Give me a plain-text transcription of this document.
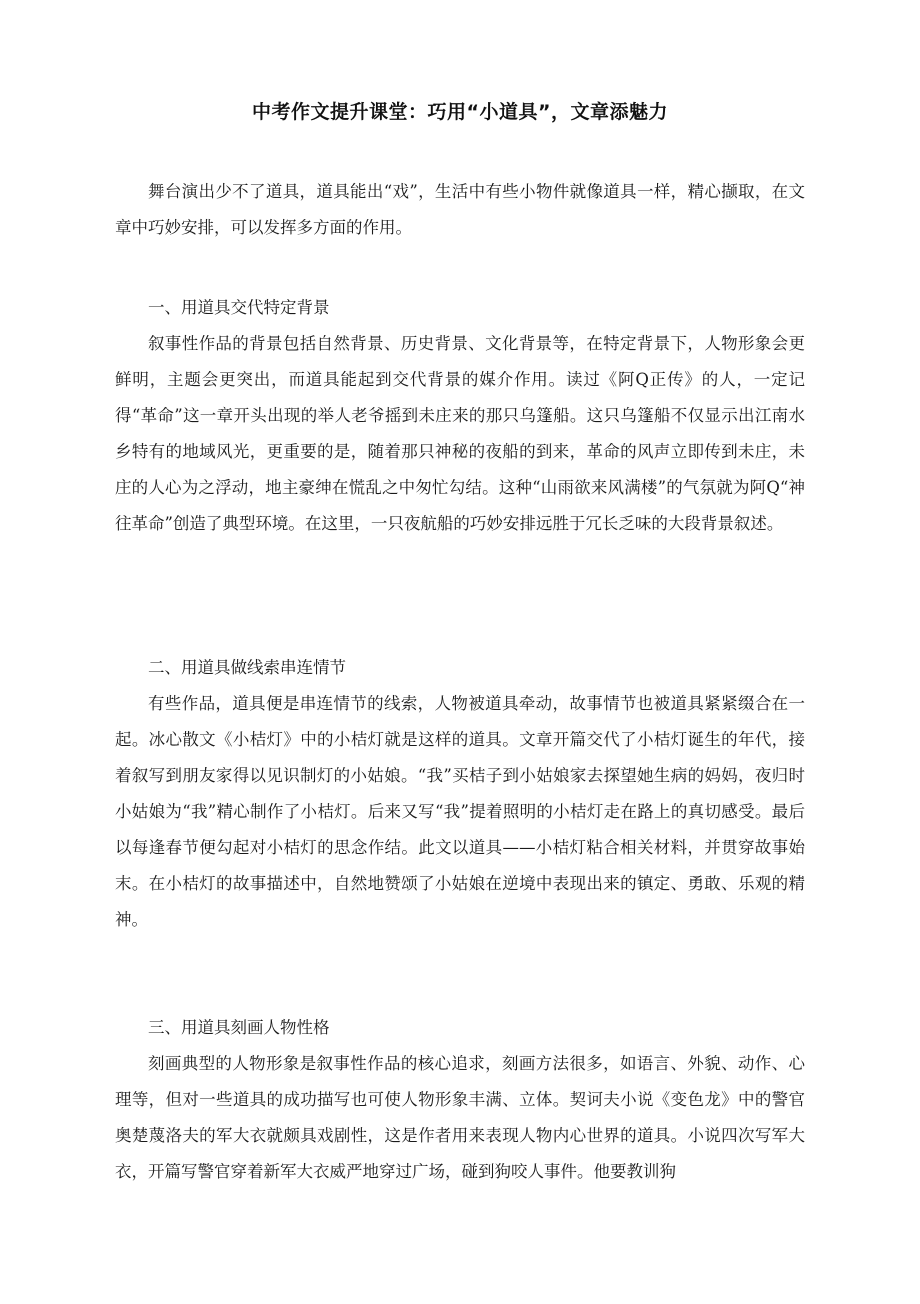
中考作文提升课堂：巧用“小道具”，文章添魅力

舞台演出少不了道具，道具能出“戏”，生活中有些小物件就像道具一样，精心撷取，在文章中巧妙安排，可以发挥多方面的作用。

一、用道具交代特定背景

叙事性作品的背景包括自然背景、历史背景、文化背景等，在特定背景下，人物形象会更鲜明，主题会更突出，而道具能起到交代背景的媒介作用。读过《阿Q正传》的人，一定记得“革命”这一章开头出现的举人老爷摇到未庄来的那只乌篷船。这只乌篷船不仅显示出江南水乡特有的地域风光，更重要的是，随着那只神秘的夜船的到来，革命的风声立即传到未庄，未庄的人心为之浮动，地主豪绅在慌乱之中匆忙勾结。这种“山雨欲来风满楼”的气氛就为阿Q“神往革命”创造了典型环境。在这里，一只夜航船的巧妙安排远胜于冗长乏味的大段背景叙述。

二、用道具做线索串连情节

有些作品，道具便是串连情节的线索，人物被道具牵动，故事情节也被道具紧紧缀合在一起。冰心散文《小桔灯》中的小桔灯就是这样的道具。文章开篇交代了小桔灯诞生的年代，接着叙写到朋友家得以见识制灯的小姑娘。“我”买桔子到小姑娘家去探望她生病的妈妈，夜归时小姑娘为“我”精心制作了小桔灯。后来又写“我”提着照明的小桔灯走在路上的真切感受。最后以每逢春节便勾起对小桔灯的思念作结。此文以道具——小桔灯粘合相关材料，并贯穿故事始末。在小桔灯的故事描述中，自然地赞颂了小姑娘在逆境中表现出来的镇定、勇敢、乐观的精神。

三、用道具刻画人物性格

刻画典型的人物形象是叙事性作品的核心追求，刻画方法很多，如语言、外貌、动作、心理等，但对一些道具的成功描写也可使人物形象丰满、立体。契诃夫小说《变色龙》中的警官奥楚蔑洛夫的军大衣就颇具戏剧性，这是作者用来表现人物内心世界的道具。小说四次写军大衣，开篇写警官穿着新军大衣威严地穿过广场，碰到狗咬人事件。他要教训狗
